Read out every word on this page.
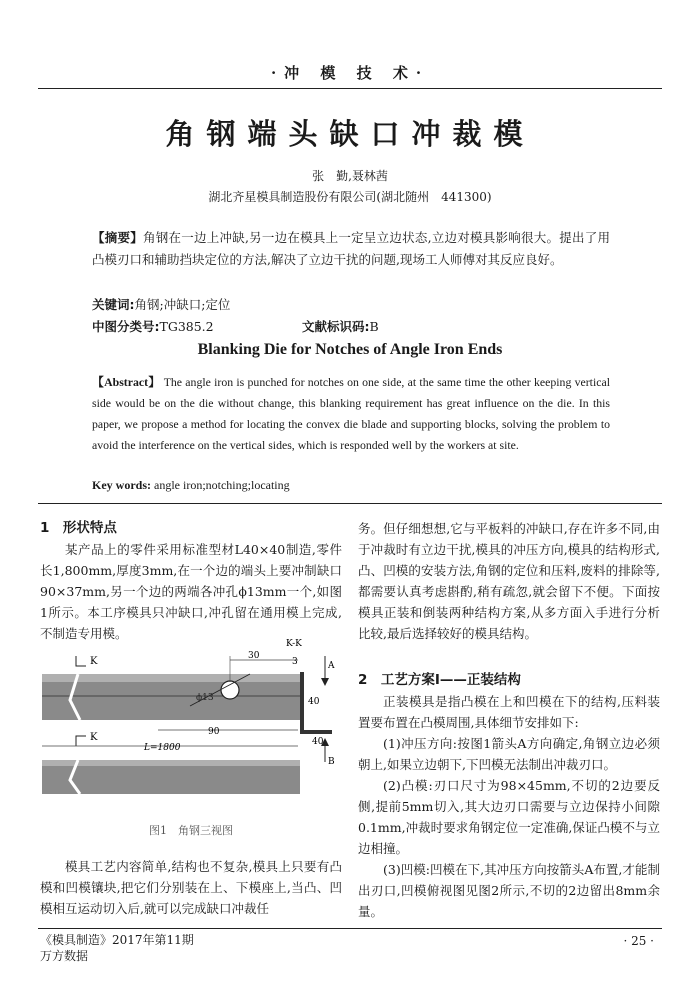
·冲 模 技 术·
角钢端头缺口冲裁模
张　勤,聂林茜
湖北齐星模具制造股份有限公司(湖北随州　441300)
【摘要】角钢在一边上冲缺,另一边在模具上一定呈立边状态,立边对模具影响很大。提出了用凸模刃口和辅助挡块定位的方法,解决了立边干扰的问题,现场工人师傅对其反应良好。
关键词:角钢;冲缺口;定位
中图分类号:TG385.2	文献标识码:B
Blanking Die for Notches of Angle Iron Ends
【Abstract】 The angle iron is punched for notches on one side, at the same time the other keeping vertical side would be on the die without change, this blanking requirement has great influence on the die. In this paper, we propose a method for locating the convex die blade and supporting blocks, solving the problem to avoid the interference on the vertical sides, which is responded well by the workers at site.
Key words: angle iron;notching;locating
1　形状特点

某产品上的零件采用标准型材L40×40制造,零件长1,800mm,厚度3mm,在一个边的端头上要冲制缺口90×37mm,另一个边的两端各冲孔ϕ13mm一个,如图1所示。本工序模具只冲缺口,冲孔留在通用模上完成,不制造专用模。

ϕ13
30
K
K	90
L=1800
K-K
3
40
40
A
B
图1　角钢三视图

模具工艺内容简单,结构也不复杂,模具上只要有凸模和凹模镶块,把它们分别装在上、下模座上,当凸、凹模相互运动切入后,就可以完成缺口冲裁任

务。但仔细想想,它与平板料的冲缺口,存在许多不同,由于冲裁时有立边干扰,模具的冲压方向,模具的结构形式,凸、凹模的安装方法,角钢的定位和压料,废料的排除等,都需要认真考虑斟酌,稍有疏忽,就会留下不便。下面按模具正装和倒装两种结构方案,从多方面入手进行分析比较,最后选择较好的模具结构。

2　工艺方案Ⅰ——正装结构

正装模具是指凸模在上和凹模在下的结构,压料装置要布置在凸模周围,具体细节安排如下:

(1)冲压方向:按图1箭头A方向确定,角钢立边必须朝上,如果立边朝下,下凹模无法制出冲裁刃口。

(2)凸模:刃口尺寸为98×45mm,不切的2边要反侧,提前5mm切入,其大边刃口需要与立边保持小间隙0.1mm,冲裁时要求角钢定位一定准确,保证凸模不与立边相撞。

(3)凹模:凹模在下,其冲压方向按箭头A布置,才能制出刃口,凹模俯视图见图2所示,不切的2边留出8mm余量。

《模具制造》2017年第11期
万方数据
· 25 ·
